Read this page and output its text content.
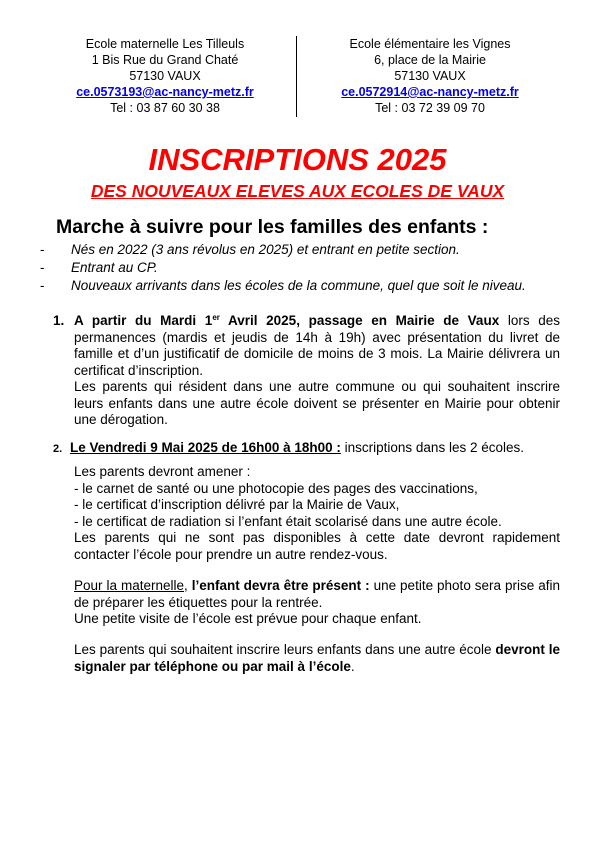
Ecole maternelle Les Tilleuls
1 Bis Rue du Grand Chaté
57130 VAUX
ce.0573193@ac-nancy-metz.fr
Tel : 03 87 60 30 38
Ecole élémentaire les Vignes
6, place de la Mairie
57130 VAUX
ce.0572914@ac-nancy-metz.fr
Tel : 03 72 39 09 70
INSCRIPTIONS 2025
DES NOUVEAUX ELEVES AUX ECOLES DE VAUX
Marche à suivre pour les familles des enfants :
-	Nés en 2022 (3 ans révolus en 2025) et entrant en petite section.
-	Entrant au CP.
-	Nouveaux arrivants dans les écoles de la commune, quel que soit le niveau.
1. A partir du Mardi 1er Avril 2025, passage en Mairie de Vaux lors des permanences (mardis et jeudis de 14h à 19h) avec présentation du livret de famille et d’un justificatif de domicile de moins de 3 mois. La Mairie délivrera un certificat d’inscription.
Les parents qui résident dans une autre commune ou qui souhaitent inscrire leurs enfants dans une autre école doivent se présenter en Mairie pour obtenir une dérogation.
2. Le Vendredi 9 Mai 2025 de 16h00 à 18h00 : inscriptions dans les 2 écoles.
Les parents devront amener :
- le carnet de santé ou une photocopie des pages des vaccinations,
- le certificat d’inscription délivré par la Mairie de Vaux,
- le certificat de radiation si l’enfant était scolarisé dans une autre école.
Les parents qui ne sont pas disponibles à cette date devront rapidement contacter l’école pour prendre un autre rendez-vous.
Pour la maternelle, l’enfant devra être présent : une petite photo sera prise afin de préparer les étiquettes pour la rentrée.
Une petite visite de l’école est prévue pour chaque enfant.
Les parents qui souhaitent inscrire leurs enfants dans une autre école devront le signaler par téléphone ou par mail à l’école.
